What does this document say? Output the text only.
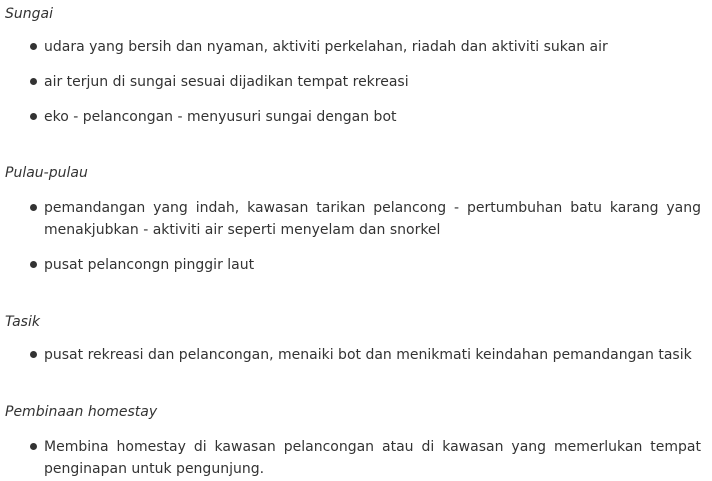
Sungai
udara yang bersih dan nyaman, aktiviti perkelahan, riadah dan aktiviti sukan air
air terjun di sungai sesuai dijadikan tempat rekreasi
eko - pelancongan - menyusuri sungai dengan bot
Pulau-pulau
pemandangan yang indah, kawasan tarikan pelancong - pertumbuhan batu karang yang menakjubkan - aktiviti air seperti menyelam dan snorkel
pusat pelancongn pinggir laut
Tasik
pusat rekreasi dan pelancongan, menaiki bot dan menikmati keindahan pemandangan tasik
Pembinaan homestay
Membina homestay di kawasan pelancongan atau di kawasan yang memerlukan tempat penginapan untuk pengunjung.
